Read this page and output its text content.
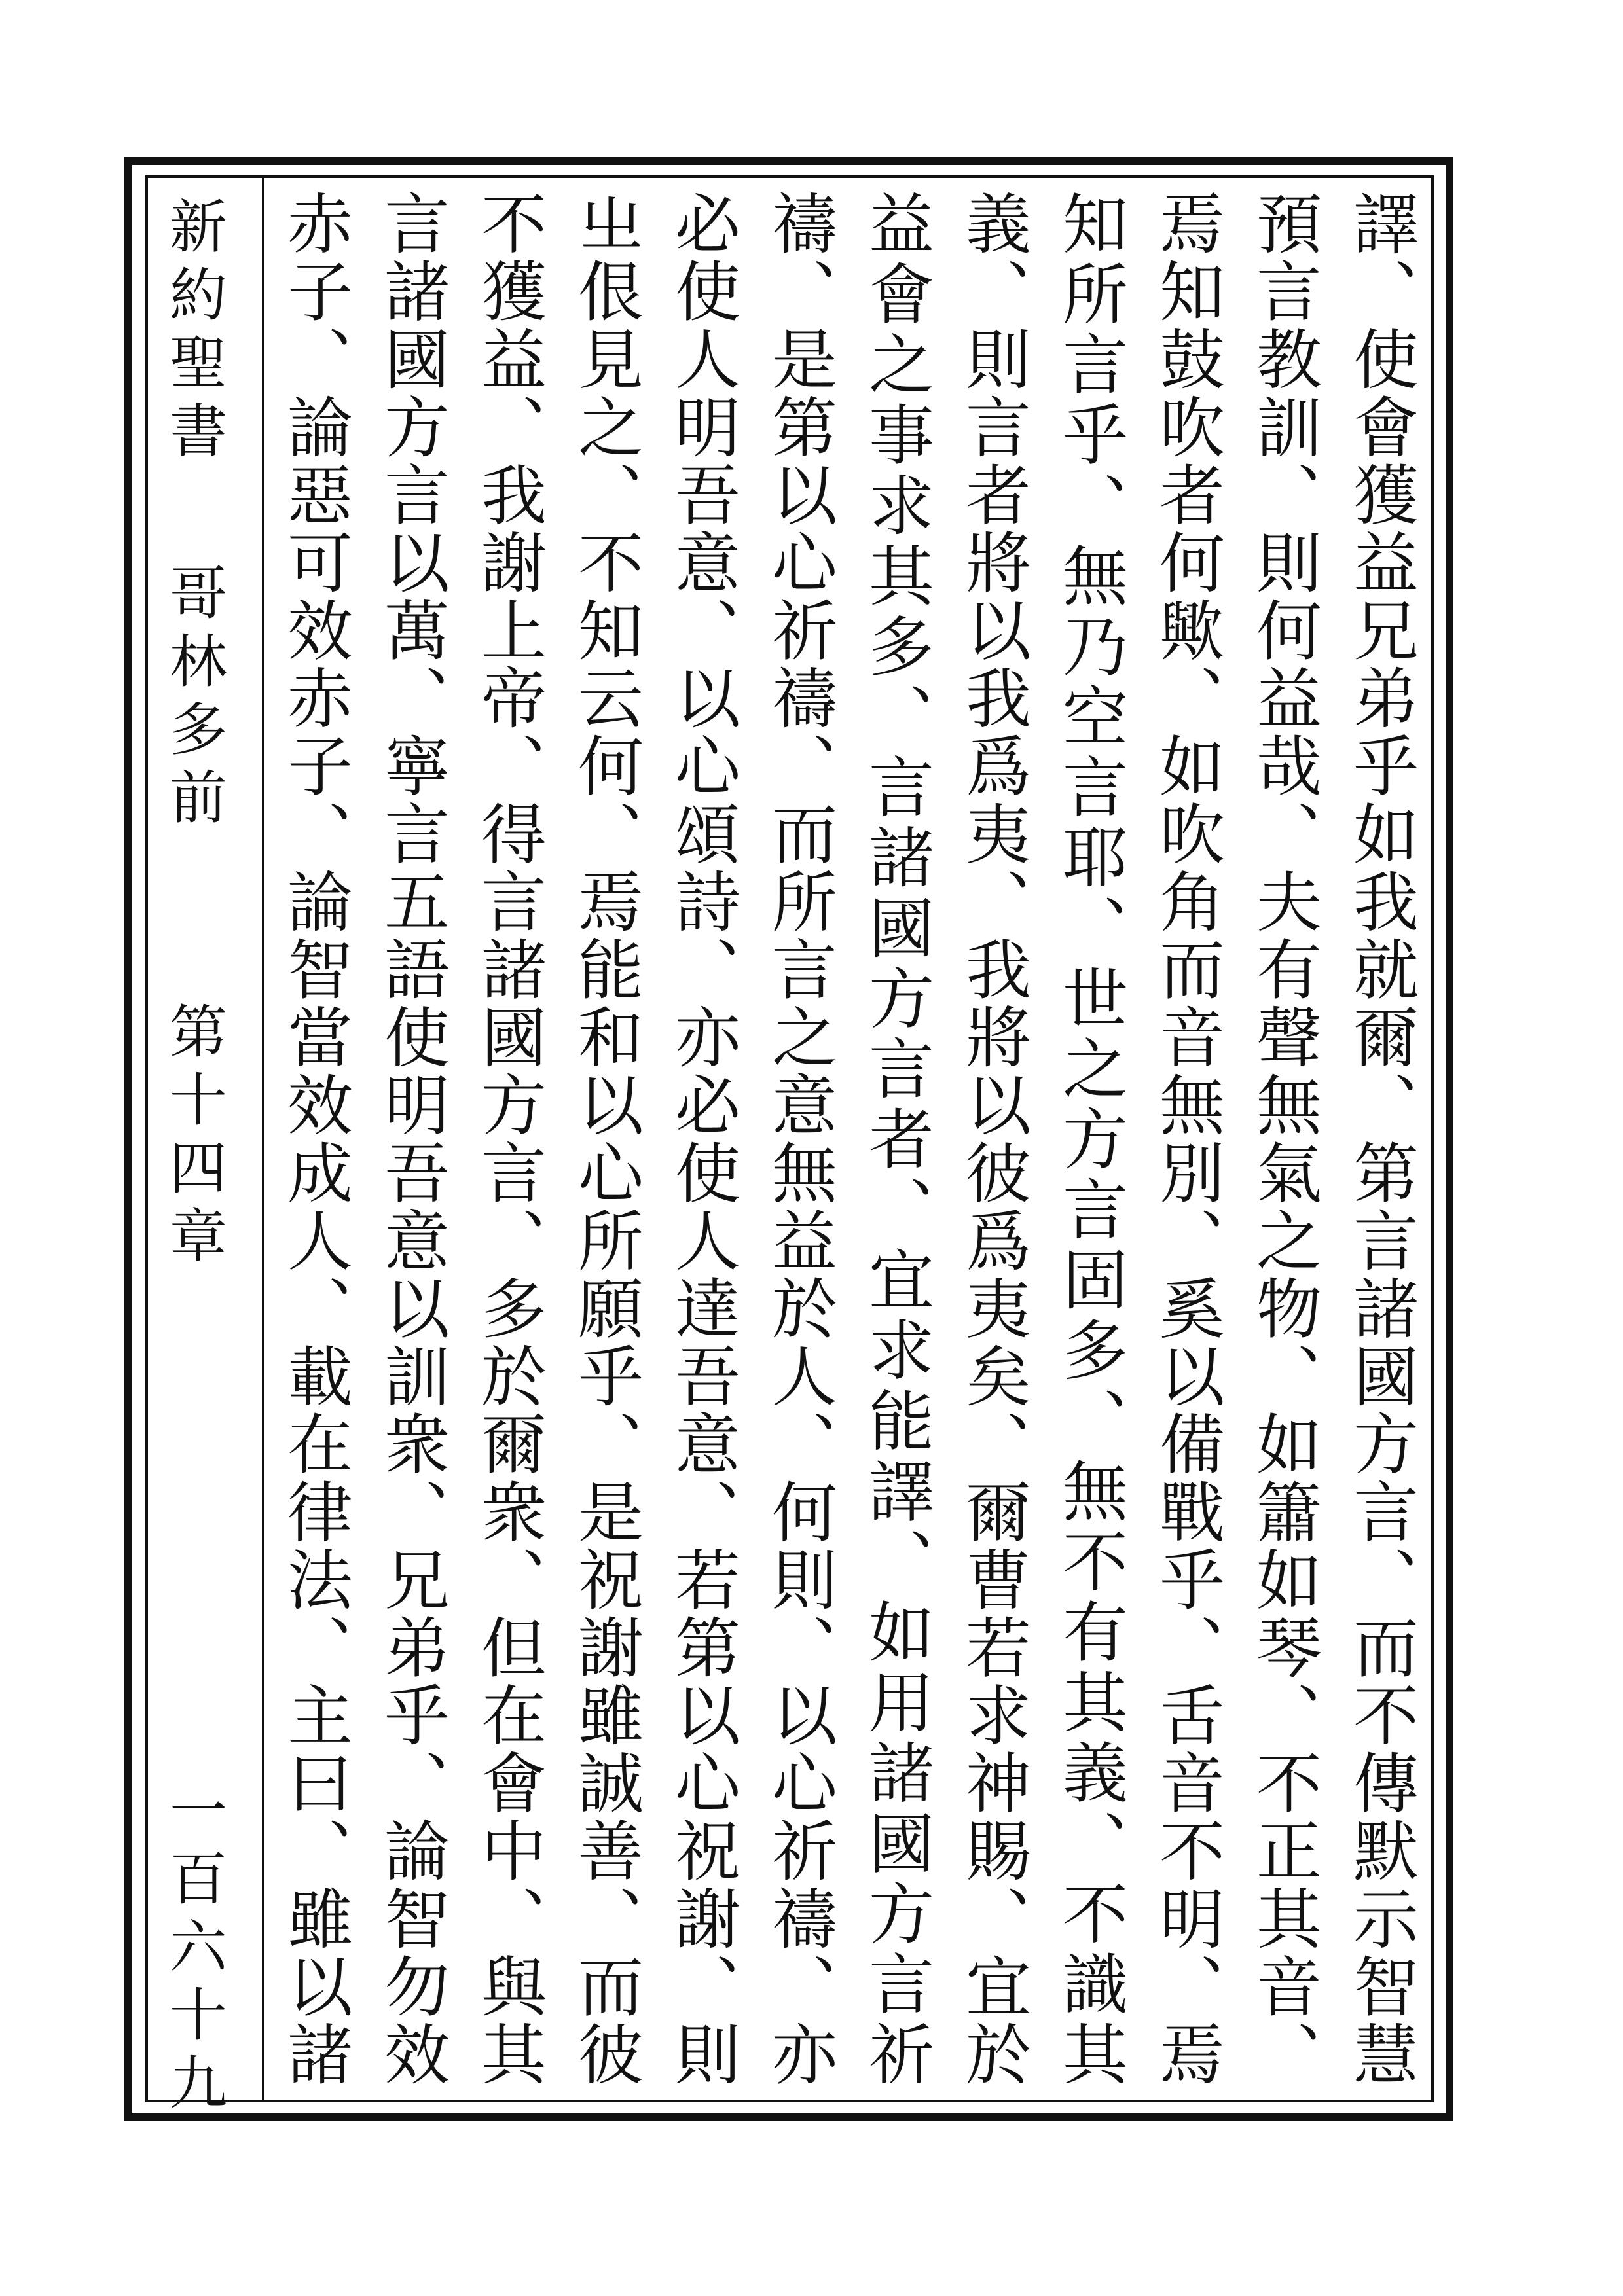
新約聖書
哥林多前
第十四章
一百六十九
譯、使會獲益兄弟乎如我就爾、第言諸國方言、而不傳默示智慧預言教訓、則何益哉、夫有聲無氣之物、如簫如琴、不正其音、焉知鼓吹者何歟、如吹角而音無別、奚以備戰乎、舌音不明、焉知所言乎、無乃空言耶、世之方言固多、無不有其義、不識其義、則言者將以我爲夷、我將以彼爲夷矣、爾曹若求神賜、宜於益會之事求其多、言諸國方言者、宜求能譯、如用諸國方言祈禱、是第以心祈禱、而所言之意無益於人、何則、以心祈禱、亦必使人明吾意、以心頌詩、亦必使人達吾意、若第以心祝謝、則㞢佷見之、不知云何、焉能和以心所願乎、是祝謝雖誠善、而彼不獲益、我謝上帝、得言諸國方言、多於爾衆、但在會中、與其言諸國方言以萬、寧言五語使明吾意以訓衆、兄弟乎、論智勿效赤子、論惡可效赤子、論智當效成人、載在律法、主曰、雖以諸
